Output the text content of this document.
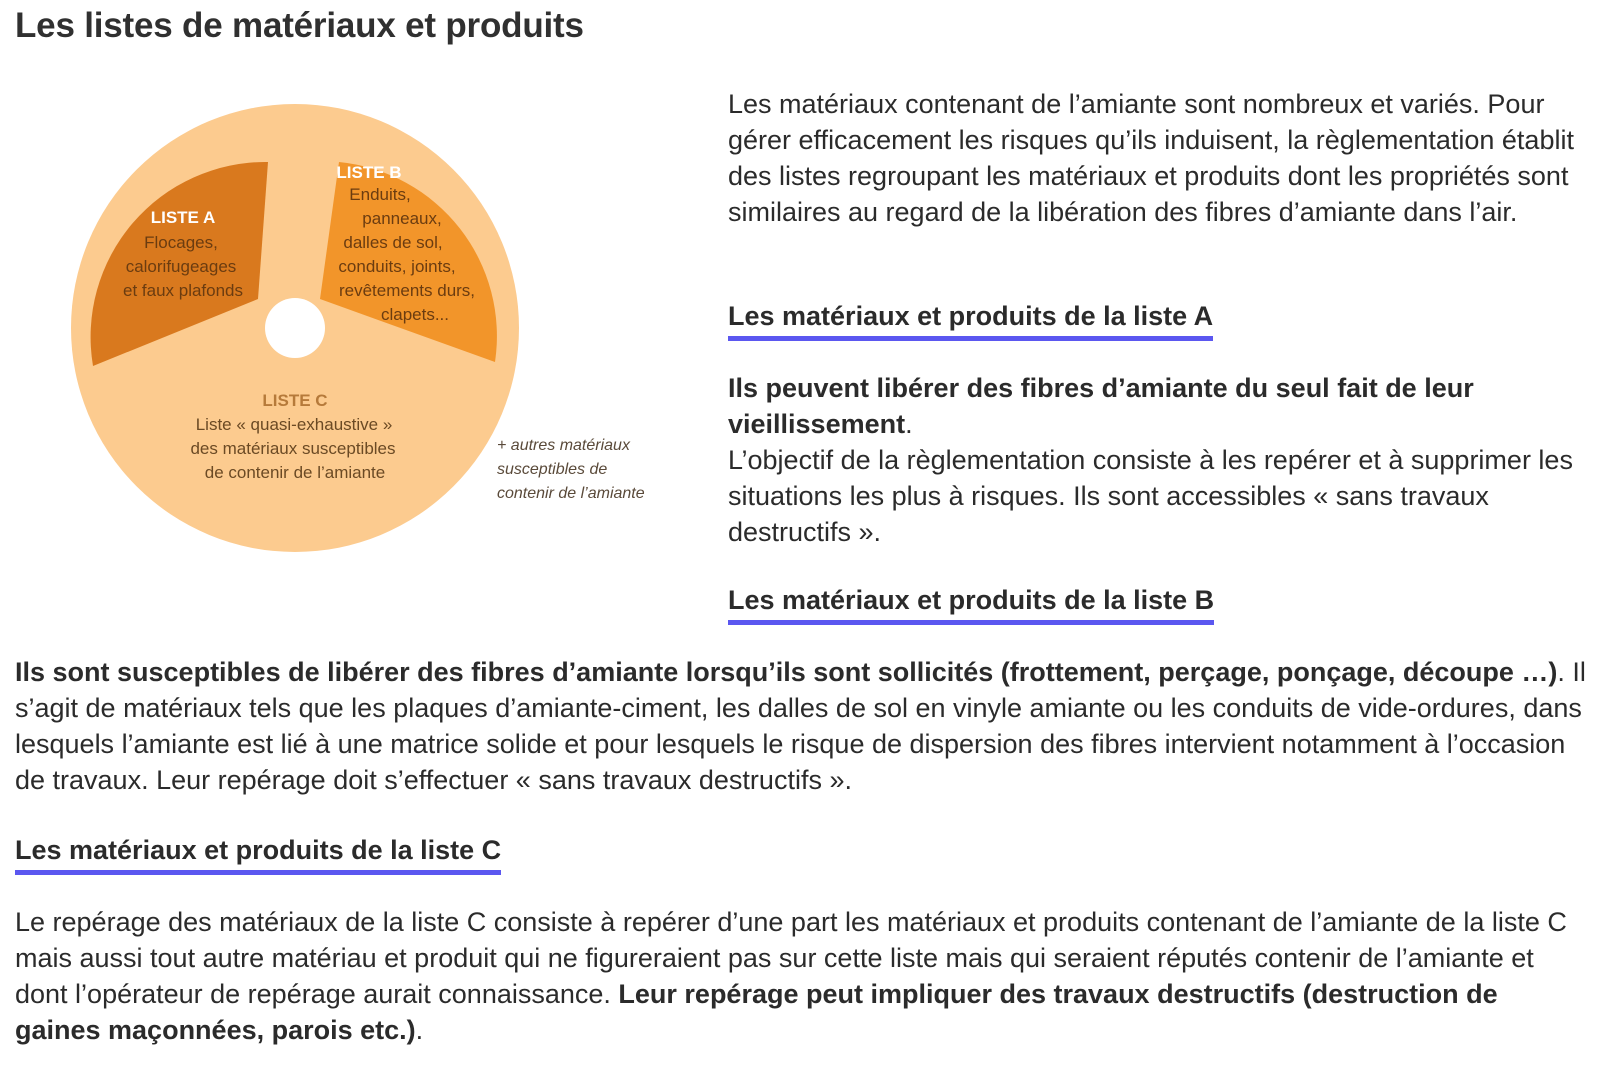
Les listes de matériaux et produits
LISTE A
Flocages,
calorifugeages
et faux plafonds
LISTE B
Enduits,
panneaux,
dalles de sol,
conduits, joints,
revêtements durs,
clapets...
LISTE C
Liste « quasi-exhaustive »
des matériaux susceptibles
de contenir de l’amiante
+ autres matériaux
susceptibles de
contenir de l’amiante

Les matériaux contenant de l’amiante sont nombreux et variés. Pour gérer efficacement les risques qu’ils induisent, la règlementation établit des listes regroupant les matériaux et produits dont les propriétés sont similaires au regard de la libération des fibres d’amiante dans l’air.

Les matériaux et produits de la liste A

Ils peuvent libérer des fibres d’amiante du seul fait de leur vieillissement.

L’objectif de la règlementation consiste à les repérer et à supprimer les situations les plus à risques. Ils sont accessibles « sans travaux destructifs ».

Les matériaux et produits de la liste B

Ils sont susceptibles de libérer des fibres d’amiante lorsqu’ils sont sollicités (frottement, perçage, ponçage, découpe …). Il s’agit de matériaux tels que les plaques d’amiante-ciment, les dalles de sol en vinyle amiante ou les conduits de vide-ordures, dans lesquels l’amiante est lié à une matrice solide et pour lesquels le risque de dispersion des fibres intervient notamment à l’occasion de travaux. Leur repérage doit s’effectuer « sans travaux destructifs ».

Les matériaux et produits de la liste C

Le repérage des matériaux de la liste C consiste à repérer d’une part les matériaux et produits contenant de l’amiante de la liste C mais aussi tout autre matériau et produit qui ne figureraient pas sur cette liste mais qui seraient réputés contenir de l’amiante et dont l’opérateur de repérage aurait connaissance. Leur repérage peut impliquer des travaux destructifs (destruction de gaines maçonnées, parois etc.).
